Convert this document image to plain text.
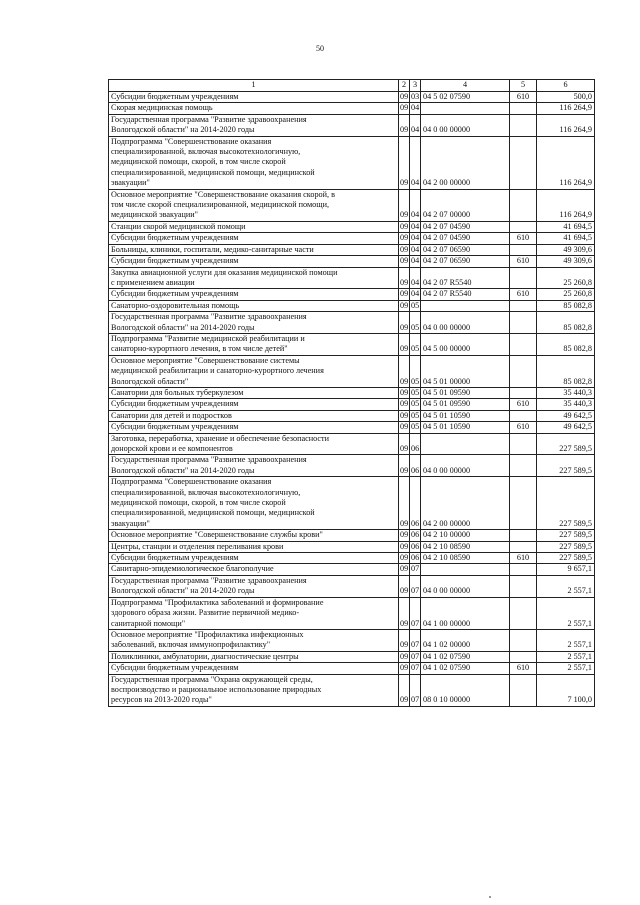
50
1	2	3	4	5	6
Субсидии бюджетным учреждениям	09	03	04 5 02 07590	610	500,0
Скорая медицинская помощь	09	04			116 264,9
Государственная программа "Развитие здравоохранения
Вологодской области" на 2014-2020 годы	09	04	04 0 00 00000		116 264,9
Подпрограмма "Совершенствование оказания
специализированной, включая высокотехнологичную,
медицинской помощи, скорой, в том числе скорой
специализированной, медицинской помощи, медицинской
эвакуации"	09	04	04 2 00 00000		116 264,9
Основное мероприятие "Совершенствование оказания скорой, в
том числе скорой специализированной, медицинской помощи,
медицинской эвакуации"	09	04	04 2 07 00000		116 264,9
Станции скорой медицинской помощи	09	04	04 2 07 04590		41 694,5
Субсидии бюджетным учреждениям	09	04	04 2 07 04590	610	41 694,5
Больницы, клиники, госпитали, медико-санитарные части	09	04	04 2 07 06590		49 309,6
Субсидии бюджетным учреждениям	09	04	04 2 07 06590	610	49 309,6
Закупка авиационной услуги для оказания медицинской помощи
с применением авиации	09	04	04 2 07 R5540		25 260,8
Субсидии бюджетным учреждениям	09	04	04 2 07 R5540	610	25 260,8
Санаторно-оздоровительная помощь	09	05			85 082,8
Государственная программа "Развитие здравоохранения
Вологодской области" на 2014-2020 годы	09	05	04 0 00 00000		85 082,8
Подпрограмма "Развитие медицинской реабилитации и
санаторно-курортного лечения, в том числе детей"	09	05	04 5 00 00000		85 082,8
Основное мероприятие "Совершенствование системы
медицинской реабилитации и санаторно-курортного лечения
Вологодской области"	09	05	04 5 01 00000		85 082,8
Санатории для больных туберкулезом	09	05	04 5 01 09590		35 440,3
Субсидии бюджетным учреждениям	09	05	04 5 01 09590	610	35 440,3
Санатории для детей и подростков	09	05	04 5 01 10590		49 642,5
Субсидии бюджетным учреждениям	09	05	04 5 01 10590	610	49 642,5
Заготовка, переработка, хранение и обеспечение безопасности
донорской крови и ее компонентов	09	06			227 589,5
Государственная программа "Развитие здравоохранения
Вологодской области" на 2014-2020 годы	09	06	04 0 00 00000		227 589,5
Подпрограмма "Совершенствование оказания
специализированной, включая высокотехнологичную,
медицинской помощи, скорой, в том числе скорой
специализированной, медицинской помощи, медицинской
эвакуации"	09	06	04 2 00 00000		227 589,5
Основное мероприятие "Совершенствование службы крови"	09	06	04 2 10 00000		227 589,5
Центры, станции и отделения переливания крови	09	06	04 2 10 08590		227 589,5
Субсидии бюджетным учреждениям	09	06	04 2 10 08590	610	227 589,5
Санитарно-эпидемиологическое благополучие	09	07			9 657,1
Государственная программа "Развитие здравоохранения
Вологодской области" на 2014-2020 годы	09	07	04 0 00 00000		2 557,1
Подпрограмма "Профилактика заболеваний и формирование
здорового образа жизни. Развитие первичной медико-
санитарной помощи"	09	07	04 1 00 00000		2 557,1
Основное мероприятие "Профилактика инфекционных
заболеваний, включая иммунопрофилактику"	09	07	04 1 02 00000		2 557,1
Поликлиники, амбулатории, диагностические центры	09	07	04 1 02 07590		2 557,1
Субсидии бюджетным учреждениям	09	07	04 1 02 07590	610	2 557,1
Государственная программа "Охрана окружающей среды,
воспроизводство и рациональное использование природных
ресурсов на 2013-2020 годы"	09	07	08 0 10 00000		7 100,0
